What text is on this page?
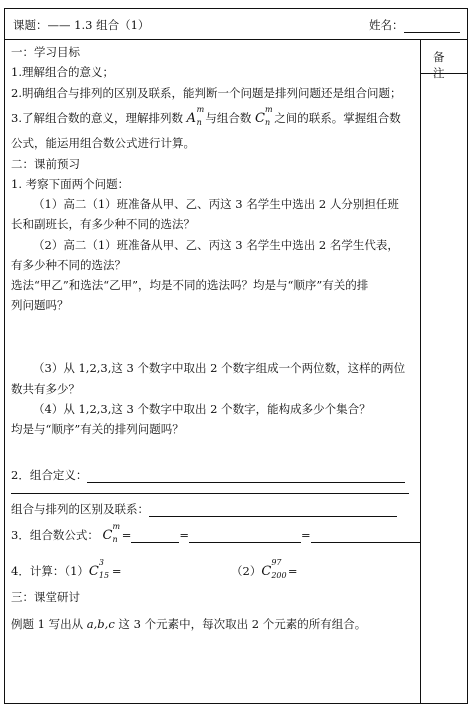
课题：—— 1.3 组合（1）	姓名：
备注
一：学习目标
1.理解组合的意义；
2.明确组合与排列的区别及联系，能判断一个问题是排列问题还是组合问题；
3.了解组合数的意义，理解排列数 A
m
n 与组合数 C
m
n 之间的联系。掌握组合数
公式，能运用组合数公式进行计算。
二：课前预习
1. 考察下面两个问题：
（1）高二（1）班准备从甲、乙、丙这 3 名学生中选出 2 人分别担任班
长和副班长，有多少种不同的选法？
（2）高二（1）班准备从甲、乙、丙这 3 名学生中选出 2 名学生代表，
有多少种不同的选法？
选法“甲乙”和选法“乙甲”，均是不同的选法吗？均是与“顺序”有关的排
列问题吗？
（3）从 1,2,3,这 3 个数字中取出 2 个数字组成一个两位数，这样的两位
数共有多少？
（4）从 1,2,3,这 3 个数字中取出 2 个数字，能构成多少个集合？
均是与“顺序”有关的排列问题吗？
2．组合定义：
组合与排列的区别及联系：
3．组合数公式： C
m
n =	=	=
4．计算：（1）C
3
15 =	（2）C
97
200 =
三：课堂研讨
例题 1 写出从 a,b,c 这 3 个元素中，每次取出 2 个元素的所有组合。
